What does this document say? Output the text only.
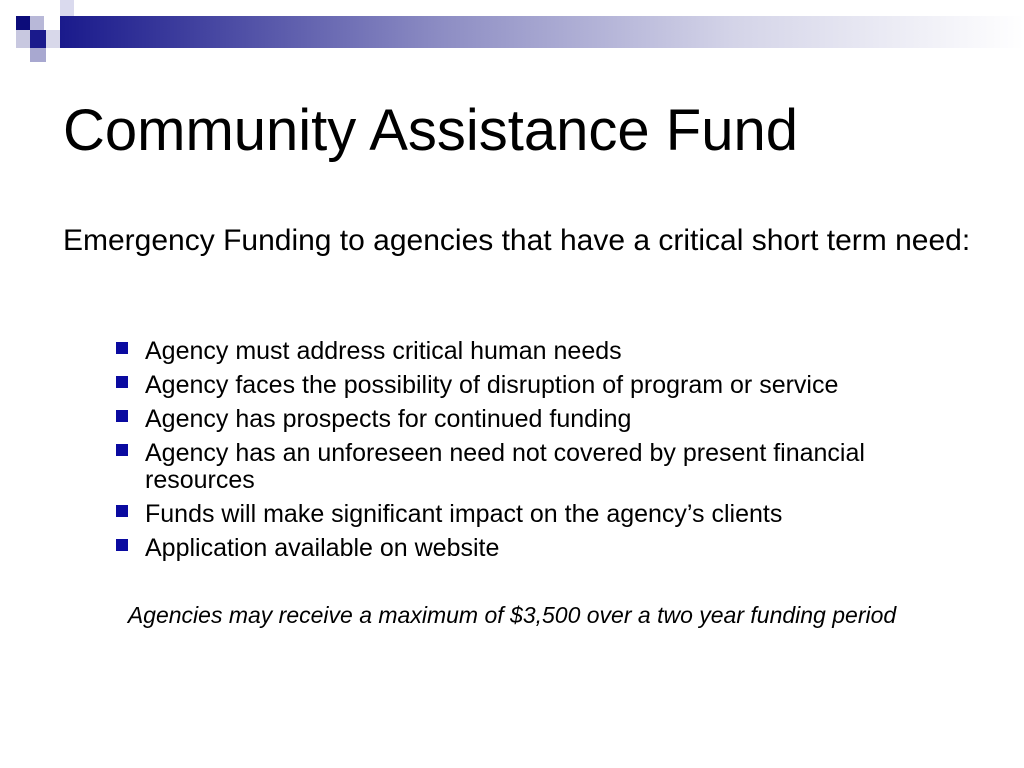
Community Assistance Fund

Emergency Funding to agencies that have a critical short term need:

Agency must address critical human needs
Agency faces the possibility of disruption of program or service
Agency has prospects for continued funding
Agency has an unforeseen need not covered by present financial resources
Funds will make significant impact on the agency’s clients
Application available on website

Agencies may receive a maximum of $3,500 over a two year funding period
